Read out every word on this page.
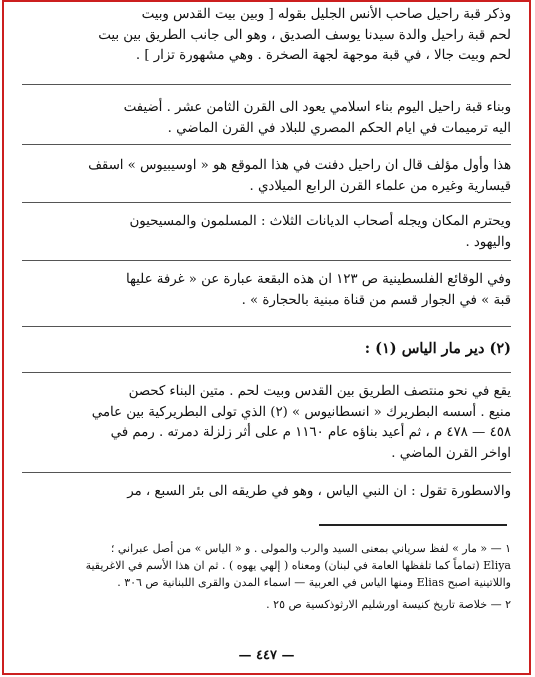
وذكر قبة راحيل صاحب الأنس الجليل بقوله [ وبين بيت القدس وبيت
لحم قبة راحيل والدة سيدنا يوسف الصديق ، وهو الى جانب الطريق بين بيت
لحم وبيت جالا ، في قبة موجهة لجهة الصخرة . وهي مشهورة تزار ] .

وبناء قبة راحيل اليوم بناء اسلامي يعود الى القرن الثامن عشر . أضيفت
اليه ترميمات في ايام الحكم المصري للبلاد في القرن الماضي .

هذا وأول مؤلف قال ان راحيل دفنت في هذا الموقع هو « اوسيبيوس » اسقف
قيسارية وغيره من علماء القرن الرابع الميلادي .

ويحترم المكان ويجله أصحاب الديانات الثلاث : المسلمون والمسيحيون
واليهود .

وفي الوقائع الفلسطينية ص ١٢٣ ان هذه البقعة عبارة عن « غرفة عليها
قبة » في الجوار قسم من قناة مبنية بالحجارة » .

(٢) دير مار الياس (١) :

يقع في نحو منتصف الطريق بين القدس وبيت لحم . متين البناء كحصن
منيع . أسسه البطريرك « انسطانيوس » (٢) الذي تولى البطريركية بين عامي
٤٥٨ — ٤٧٨ م ، ثم أعيد بناؤه عام ١١٦٠ م على أثر زلزلة دمرته . رمم في
اواخر القرن الماضي .

والاسطورة تقول : ان النبي الياس ، وهو في طريقه الى بئر السبع ، مر

١ — « مار » لفظ سرياني بمعنى السيد والرب والمولى . و « الياس » من أصل عبراني ؛
Eliya (تماماً كما تلفظها العامة في لبنان) ومعناه ( إلهي يهوه ) . ثم ان هذا الأسم في الاغريقية
واللاتينية اصبح Elias ومنها الياس في العربية — اسماء المدن والقرى اللبنانية ص ٣٠٦ .

٢ — خلاصة تاريخ كنيسة اورشليم الارثوذكسية ص ٢٥ .

— ٤٤٧ —
